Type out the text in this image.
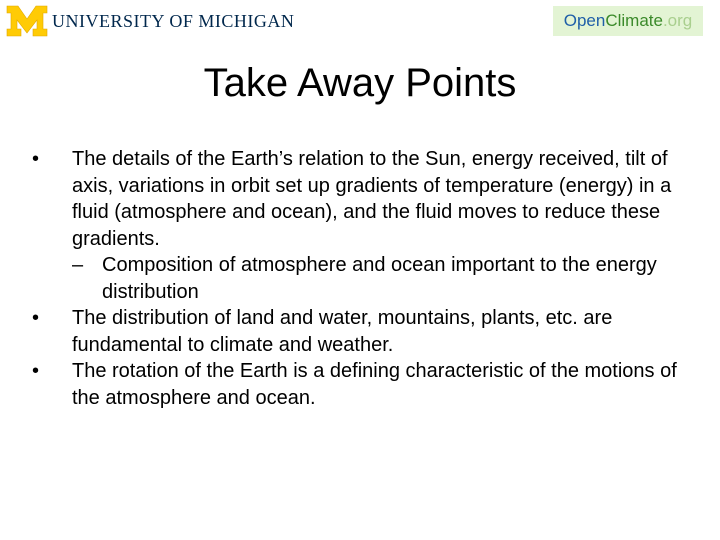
UNIVERSITY OF MICHIGAN	Open Climate .org
Take Away Points
• The details of the Earth’s relation to the Sun, energy received, tilt of axis, variations in orbit set up gradients of temperature (energy) in a fluid (atmosphere and ocean), and the fluid moves to reduce these gradients.
– Composition of atmosphere and ocean important to the energy distribution
• The distribution of land and water, mountains, plants, etc. are fundamental to climate and weather.
• The rotation of the Earth is a defining characteristic of the motions of the atmosphere and ocean.
